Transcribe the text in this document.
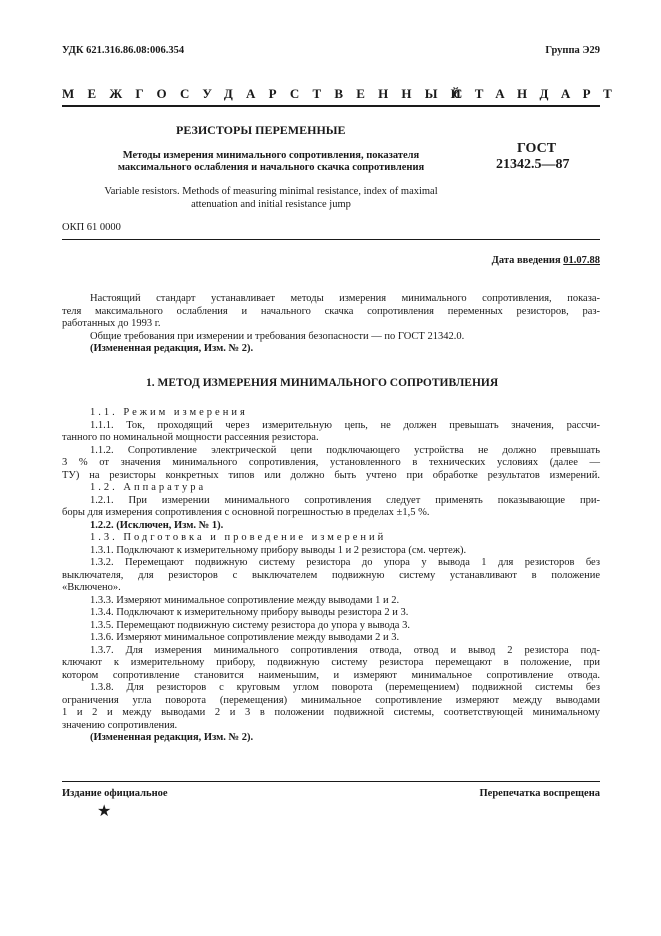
УДК 621.316.86.08:006.354	Группа Э29
МЕЖГОСУДАРСТВЕННЫЙ
СТАНДАРТ
РЕЗИСТОРЫ ПЕРЕМЕННЫЕ
Методы измерения минимального сопротивления, показателя
максимального ослабления и начального скачка сопротивления
Variable resistors. Methods of measuring minimal resistance, index of maximal
attenuation and initial resistance jump
ГОСТ
21342.5—87
ОКП 61 0000
Дата введения 01.07.88

Настоящий стандарт устанавливает методы измерения минимального сопротивления, показа-

теля максимального ослабления и начального скачка сопротивления переменных резисторов, раз-

работанных до 1993 г.

Общие требования при измерении и требования безопасности — по ГОСТ 21342.0.

(Измененная редакция, Изм. № 2).

1. МЕТОД ИЗМЕРЕНИЯ МИНИМАЛЬНОГО СОПРОТИВЛЕНИЯ

1.1. Режим измерения

1.1.1. Ток, проходящий через измерительную цепь, не должен превышать значения, рассчи-

танного по номинальной мощности рассеяния резистора.

1.1.2. Сопротивление электрической цепи подключающего устройства не должно превышать

3 % от значения минимального сопротивления, установленного в технических условиях (далее —

ТУ) на резисторы конкретных типов или должно быть учтено при обработке результатов измерений.

1.2. Аппаратура

1.2.1. При измерении минимального сопротивления следует применять показывающие при-

боры для измерения сопротивления с основной погрешностью в пределах ±1,5 %.

1.2.2. (Исключен, Изм. № 1).

1.3. Подготовка и проведение измерений

1.3.1. Подключают к измерительному прибору выводы 1 и 2 резистора (см. чертеж).

1.3.2. Перемещают подвижную систему резистора до упора у вывода 1 для резисторов без

выключателя, для резисторов с выключателем подвижную систему устанавливают в положение

«Включено».

1.3.3. Измеряют минимальное сопротивление между выводами 1 и 2.

1.3.4. Подключают к измерительному прибору выводы резистора 2 и 3.

1.3.5. Перемещают подвижную систему резистора до упора у вывода 3.

1.3.6. Измеряют минимальное сопротивление между выводами 2 и 3.

1.3.7. Для измерения минимального сопротивления отвода, отвод и вывод 2 резистора под-

ключают к измерительному прибору, подвижную систему резистора перемещают в положение, при

котором сопротивление становится наименьшим, и измеряют минимальное сопротивление отвода.

1.3.8. Для резисторов с круговым углом поворота (перемещением) подвижной системы без

ограничения угла поворота (перемещения) минимальное сопротивление измеряют между выводами

1 и 2 и между выводами 2 и 3 в положении подвижной системы, соответствующей минимальному

значению сопротивления.

(Измененная редакция, Изм. № 2).

Издание официальное	Перепечатка воспрещена
★
